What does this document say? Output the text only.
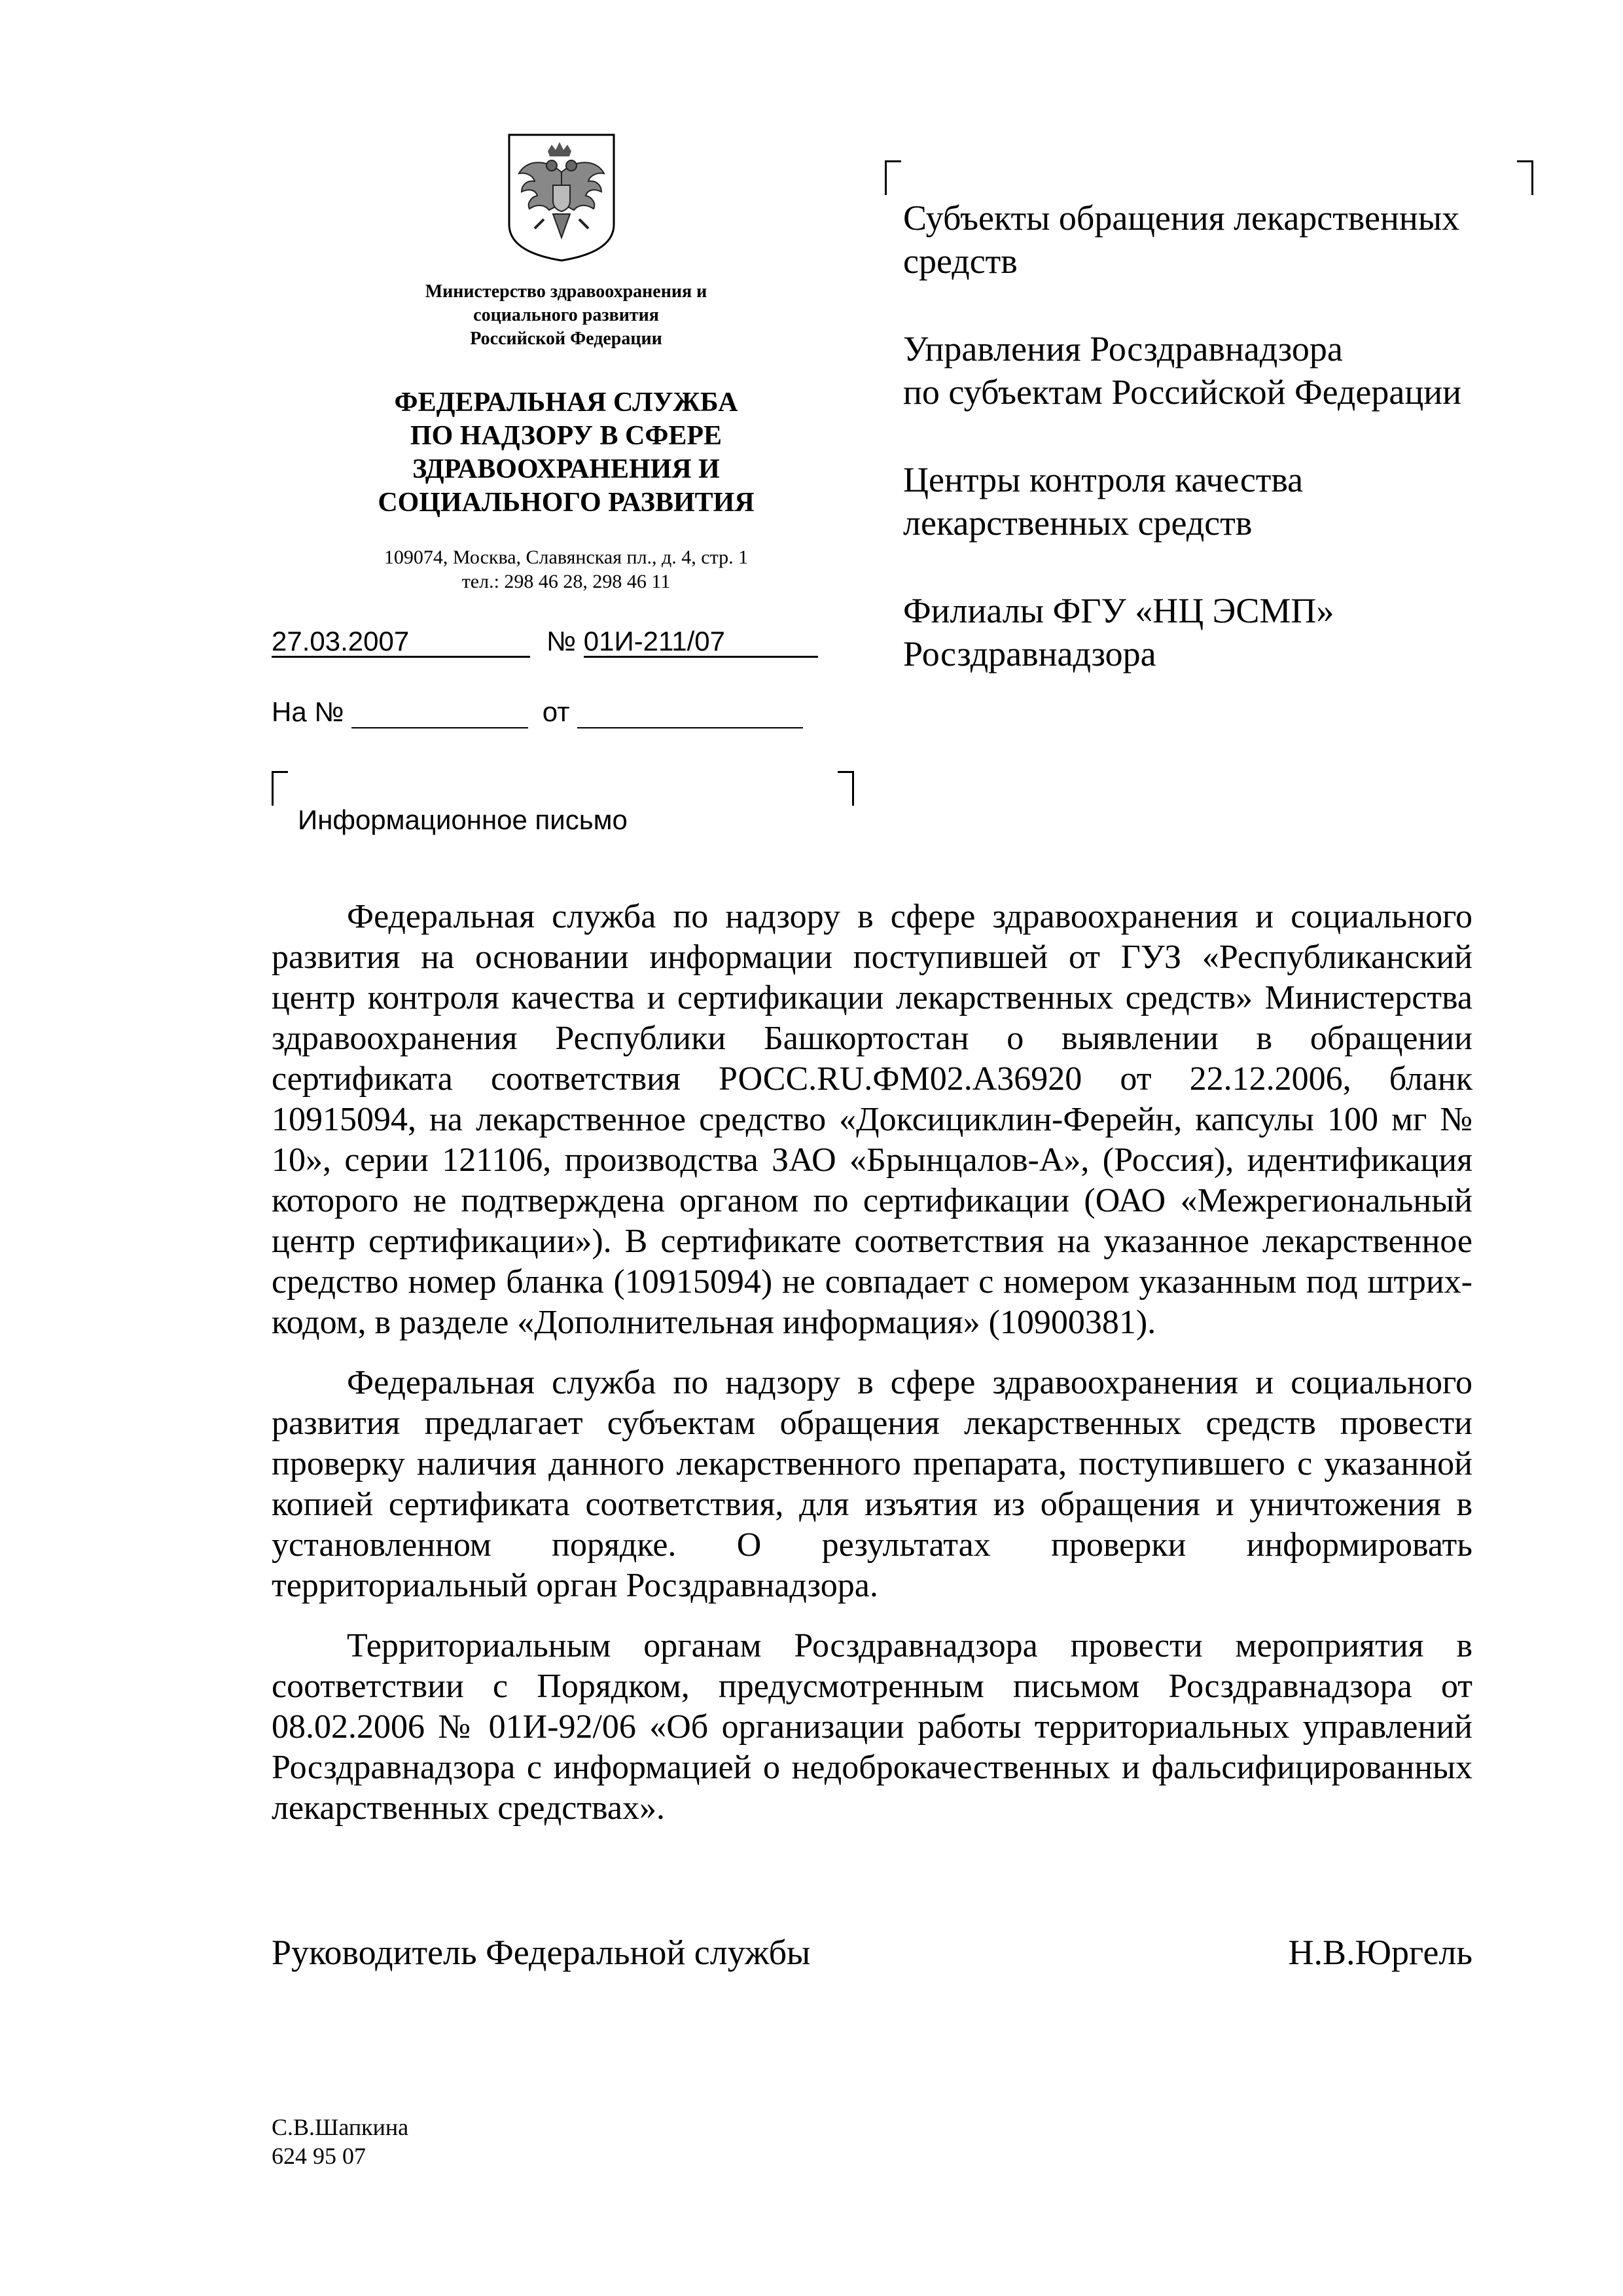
Министерство здравоохранения и
социального развития
Российской Федерации
ФЕДЕРАЛЬНАЯ СЛУЖБА
ПО НАДЗОРУ В СФЕРЕ
ЗДРАВООХРАНЕНИЯ И
СОЦИАЛЬНОГО РАЗВИТИЯ
109074, Москва, Славянская пл., д. 4, стр. 1
тел.: 298 46 28, 298 46 11
27.03.2007	№ 01И-211/07
На №	от

Субъекты обращения лекарственных
средств

Управления Росздравнадзора
по субъектам Российской Федерации

Центры контроля качества
лекарственных средств

Филиалы ФГУ «НЦ ЭСМП»
Росздравнадзора

Информационное письмо

Федеральная служба по надзору в сфере здравоохранения и социального развития на основании информации поступившей от ГУЗ «Республиканский центр контроля качества и сертификации лекарственных средств» Министерства здравоохранения Республики Башкортостан о выявлении в обращении сертификата соответствия РОСС.RU.ФМ02.А36920 от 22.12.2006, бланк 10915094, на лекарственное средство «Доксициклин-Ферейн, капсулы 100 мг № 10», серии 121106, производства ЗАО «Брынцалов-А», (Россия), идентификация которого не подтверждена органом по сертификации (ОАО «Межрегиональный центр сертификации»). В сертификате соответствия на указанное лекарственное средство номер бланка (10915094) не совпадает с номером указанным под штрих-кодом, в разделе «Дополнительная информация» (10900381).

Федеральная служба по надзору в сфере здравоохранения и социального развития предлагает субъектам обращения лекарственных средств провести проверку наличия данного лекарственного препарата, поступившего с указанной копией сертификата соответствия, для изъятия из обращения и уничтожения в установленном порядке. О результатах проверки информировать территориальный орган Росздравнадзора.

Территориальным органам Росздравнадзора провести мероприятия в соответствии с Порядком, предусмотренным письмом Росздравнадзора от 08.02.2006 № 01И-92/06 «Об организации работы территориальных управлений Росздравнадзора с информацией о недоброкачественных и фальсифицированных лекарственных средствах».

Руководитель Федеральной службы	Н.В.Юргель
С.В.Шапкина
624 95 07
